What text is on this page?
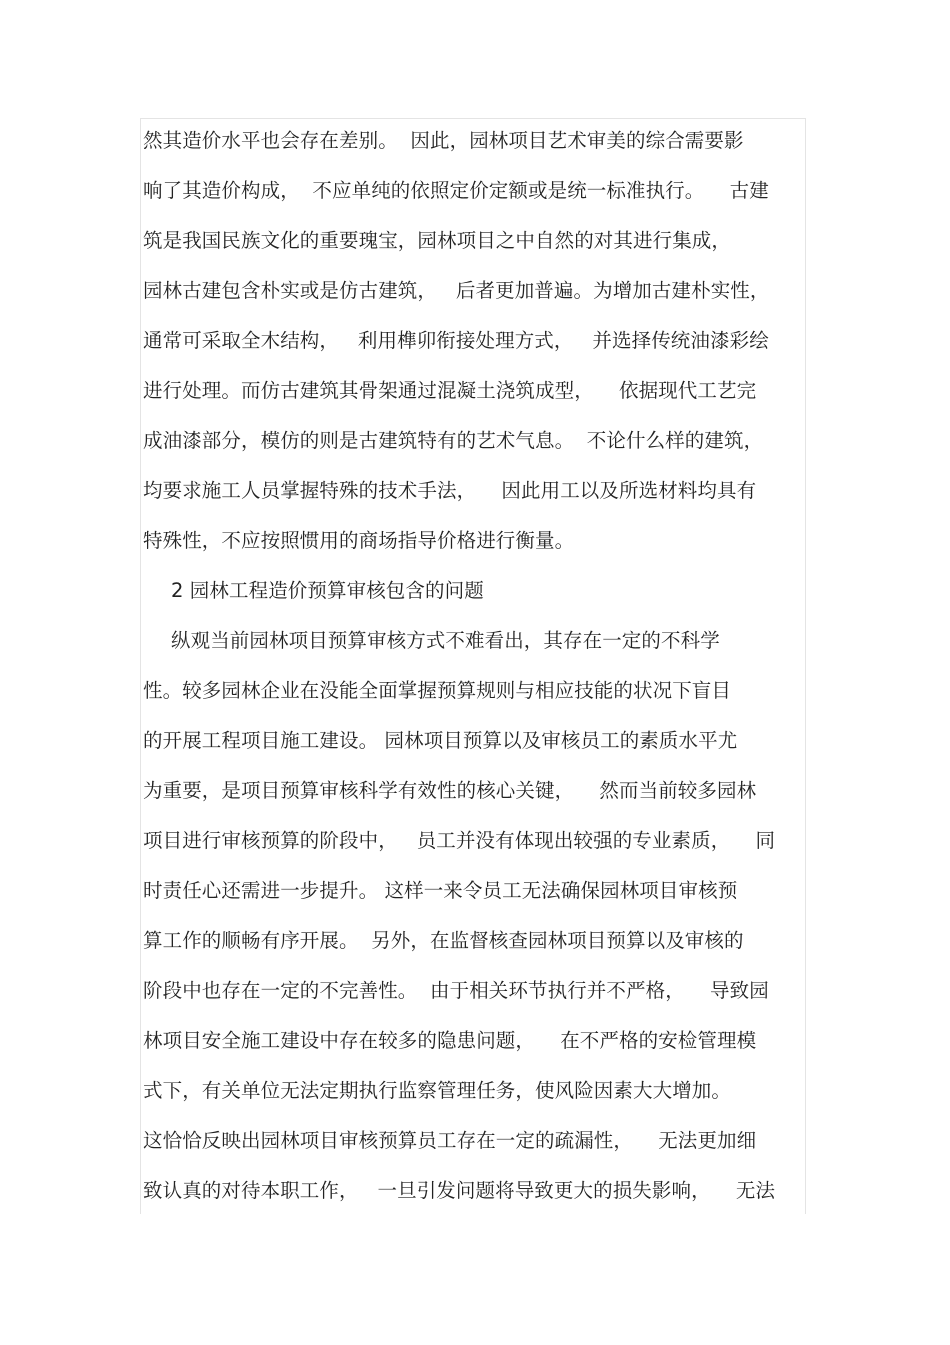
然其造价水平也会存在差别。  因此，园林项目艺术审美的综合需要影
响了其造价构成，  不应单纯的依照定价定额或是统一标准执行。    古建
筑是我国民族文化的重要瑰宝，园林项目之中自然的对其进行集成，
园林古建包含朴实或是仿古建筑，   后者更加普遍。为增加古建朴实性，
通常可采取全木结构，   利用榫卯衔接处理方式，   并选择传统油漆彩绘
进行处理。而仿古建筑其骨架通过混凝土浇筑成型，    依据现代工艺完
成油漆部分，模仿的则是古建筑特有的艺术气息。  不论什么样的建筑，
均要求施工人员掌握特殊的技术手法，    因此用工以及所选材料均具有
特殊性，不应按照惯用的商场指导价格进行衡量。
2 园林工程造价预算审核包含的问题
纵观当前园林项目预算审核方式不难看出，其存在一定的不科学
性。较多园林企业在没能全面掌握预算规则与相应技能的状况下盲目
的开展工程项目施工建设。 园林项目预算以及审核员工的素质水平尤
为重要，是项目预算审核科学有效性的核心关键，    然而当前较多园林
项目进行审核预算的阶段中，   员工并没有体现出较强的专业素质，    同
时责任心还需进一步提升。 这样一来令员工无法确保园林项目审核预
算工作的顺畅有序开展。  另外，在监督核查园林项目预算以及审核的
阶段中也存在一定的不完善性。  由于相关环节执行并不严格，    导致园
林项目安全施工建设中存在较多的隐患问题，    在不严格的安检管理模
式下，有关单位无法定期执行监察管理任务，使风险因素大大增加。
这恰恰反映出园林项目审核预算员工存在一定的疏漏性，    无法更加细
致认真的对待本职工作，   一旦引发问题将导致更大的损失影响，    无法
